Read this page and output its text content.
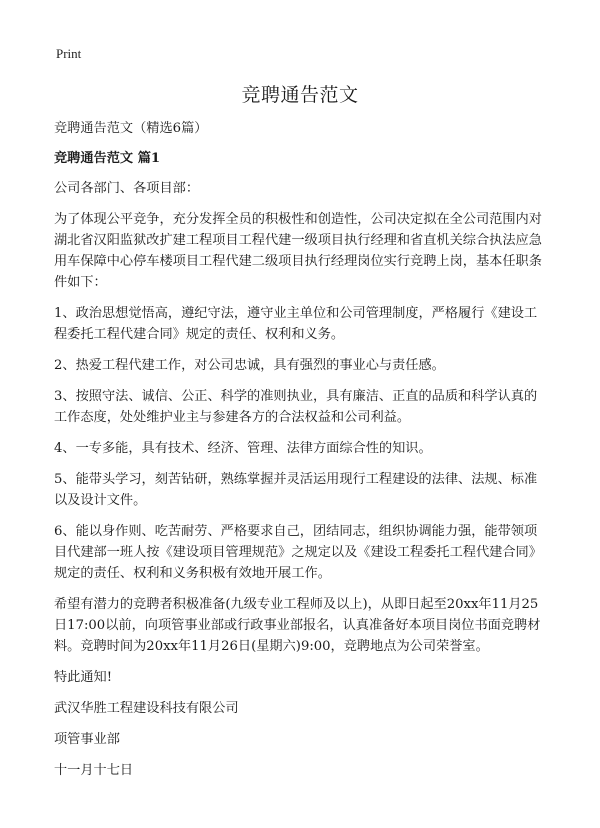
Print
竞聘通告范文

竞聘通告范文（精选6篇）

竞聘通告范文 篇1

公司各部门、各项目部：

为了体现公平竞争，充分发挥全员的积极性和创造性，公司决定拟在全公司范围内对湖北省汉阳监狱改扩建工程项目工程代建一级项目执行经理和省直机关综合执法应急用车保障中心停车楼项目工程代建二级项目执行经理岗位实行竞聘上岗，基本任职条件如下：

1、政治思想觉悟高，遵纪守法，遵守业主单位和公司管理制度，严格履行《建设工程委托工程代建合同》规定的责任、权利和义务。

2、热爱工程代建工作，对公司忠诚，具有强烈的事业心与责任感。

3、按照守法、诚信、公正、科学的准则执业，具有廉洁、正直的品质和科学认真的工作态度，处处维护业主与参建各方的合法权益和公司利益。

4、一专多能，具有技术、经济、管理、法律方面综合性的知识。

5、能带头学习，刻苦钻研，熟练掌握并灵活运用现行工程建设的法律、法规、标准以及设计文件。

6、能以身作则、吃苦耐劳、严格要求自己，团结同志，组织协调能力强，能带领项目代建部一班人按《建设项目管理规范》之规定以及《建设工程委托工程代建合同》规定的责任、权利和义务积极有效地开展工作。

希望有潜力的竞聘者积极准备(九级专业工程师及以上)，从即日起至20xx年11月25日17:00以前，向项管事业部或行政事业部报名，认真准备好本项目岗位书面竞聘材料。竞聘时间为20xx年11月26日(星期六)9:00，竞聘地点为公司荣誉室。

特此通知!

武汉华胜工程建设科技有限公司

项管事业部

十一月十七日
